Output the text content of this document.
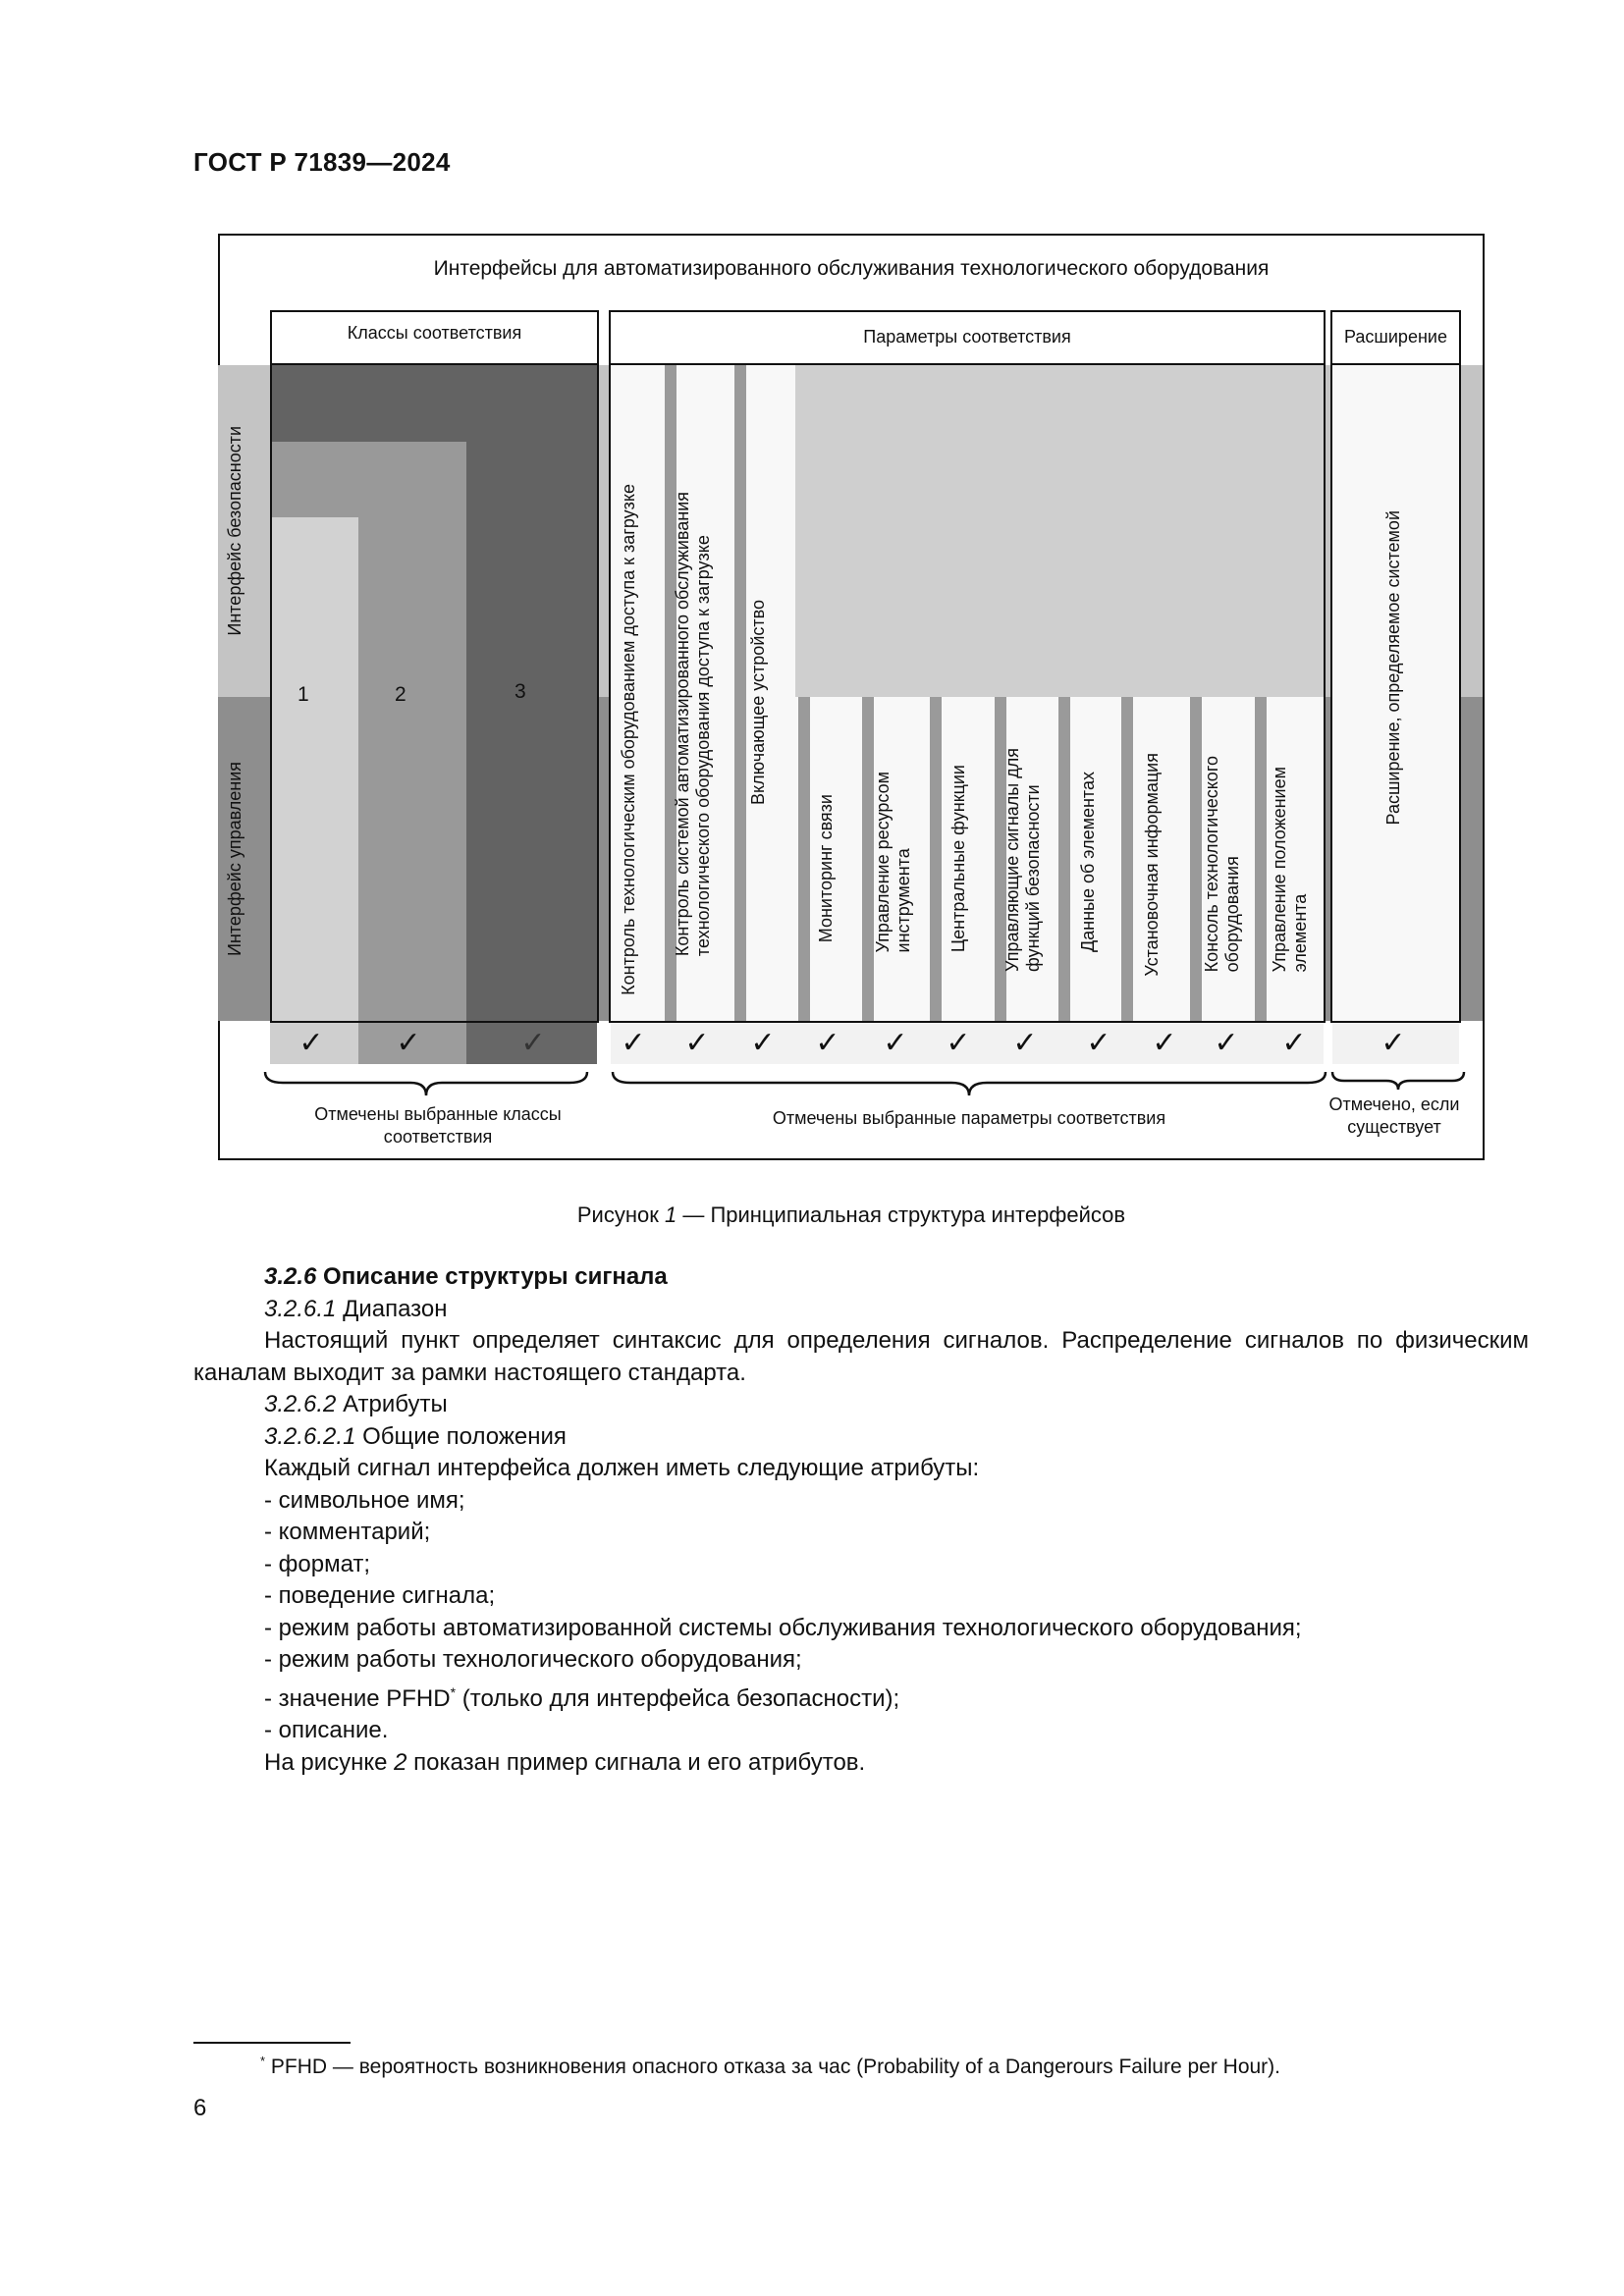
ГОСТ Р 71839—2024
Интерфейсы для автоматизированного обслуживания технологического оборудования
Интерфейс безопасности
Интерфейс управления
Классы соответствия
1	2	3
Параметры соответствия
Контроль технологическим оборудованием доступа к загрузке Контроль системой автоматизированного обслуживания
технологического оборудования доступа к загрузке
Включающее устройство
Мониторинг связи Управление ресурсом
инструмента Центральные функции Управляющие сигналы для
функций безопасности Данные об элементах	Установочная информация Консоль технологического
оборудования Управление положением
элемента
Расширение
Расширение, определяемое системой
✓	✓	✓	✓	✓	✓	✓	✓	✓	✓	✓	✓	✓	✓	✓
Отмечены выбранные классы
соответствия
Отмечены выбранные параметры соответствия
Отмечено, если
существует
Рисунок 1 — Принципиальная структура интерфейсов
3.2.6 Описание структуры сигнала
3.2.6.1 Диапазон
Настоящий пункт определяет синтаксис для определения сигналов. Распределение сигналов по физическим каналам выходит за рамки настоящего стандарта.
3.2.6.2 Атрибуты
3.2.6.2.1 Общие положения
Каждый сигнал интерфейса должен иметь следующие атрибуты:
- символьное имя;
- комментарий;
- формат;
- поведение сигнала;
- режим работы автоматизированной системы обслуживания технологического оборудования;
- режим работы технологического оборудования;
- значение PFHD* (только для интерфейса безопасности);
- описание.
На рисунке 2 показан пример сигнала и его атрибутов.
* PFHD — вероятность возникновения опасного отказа за час (Probability of a Dangerours Failure per Hour).
6
